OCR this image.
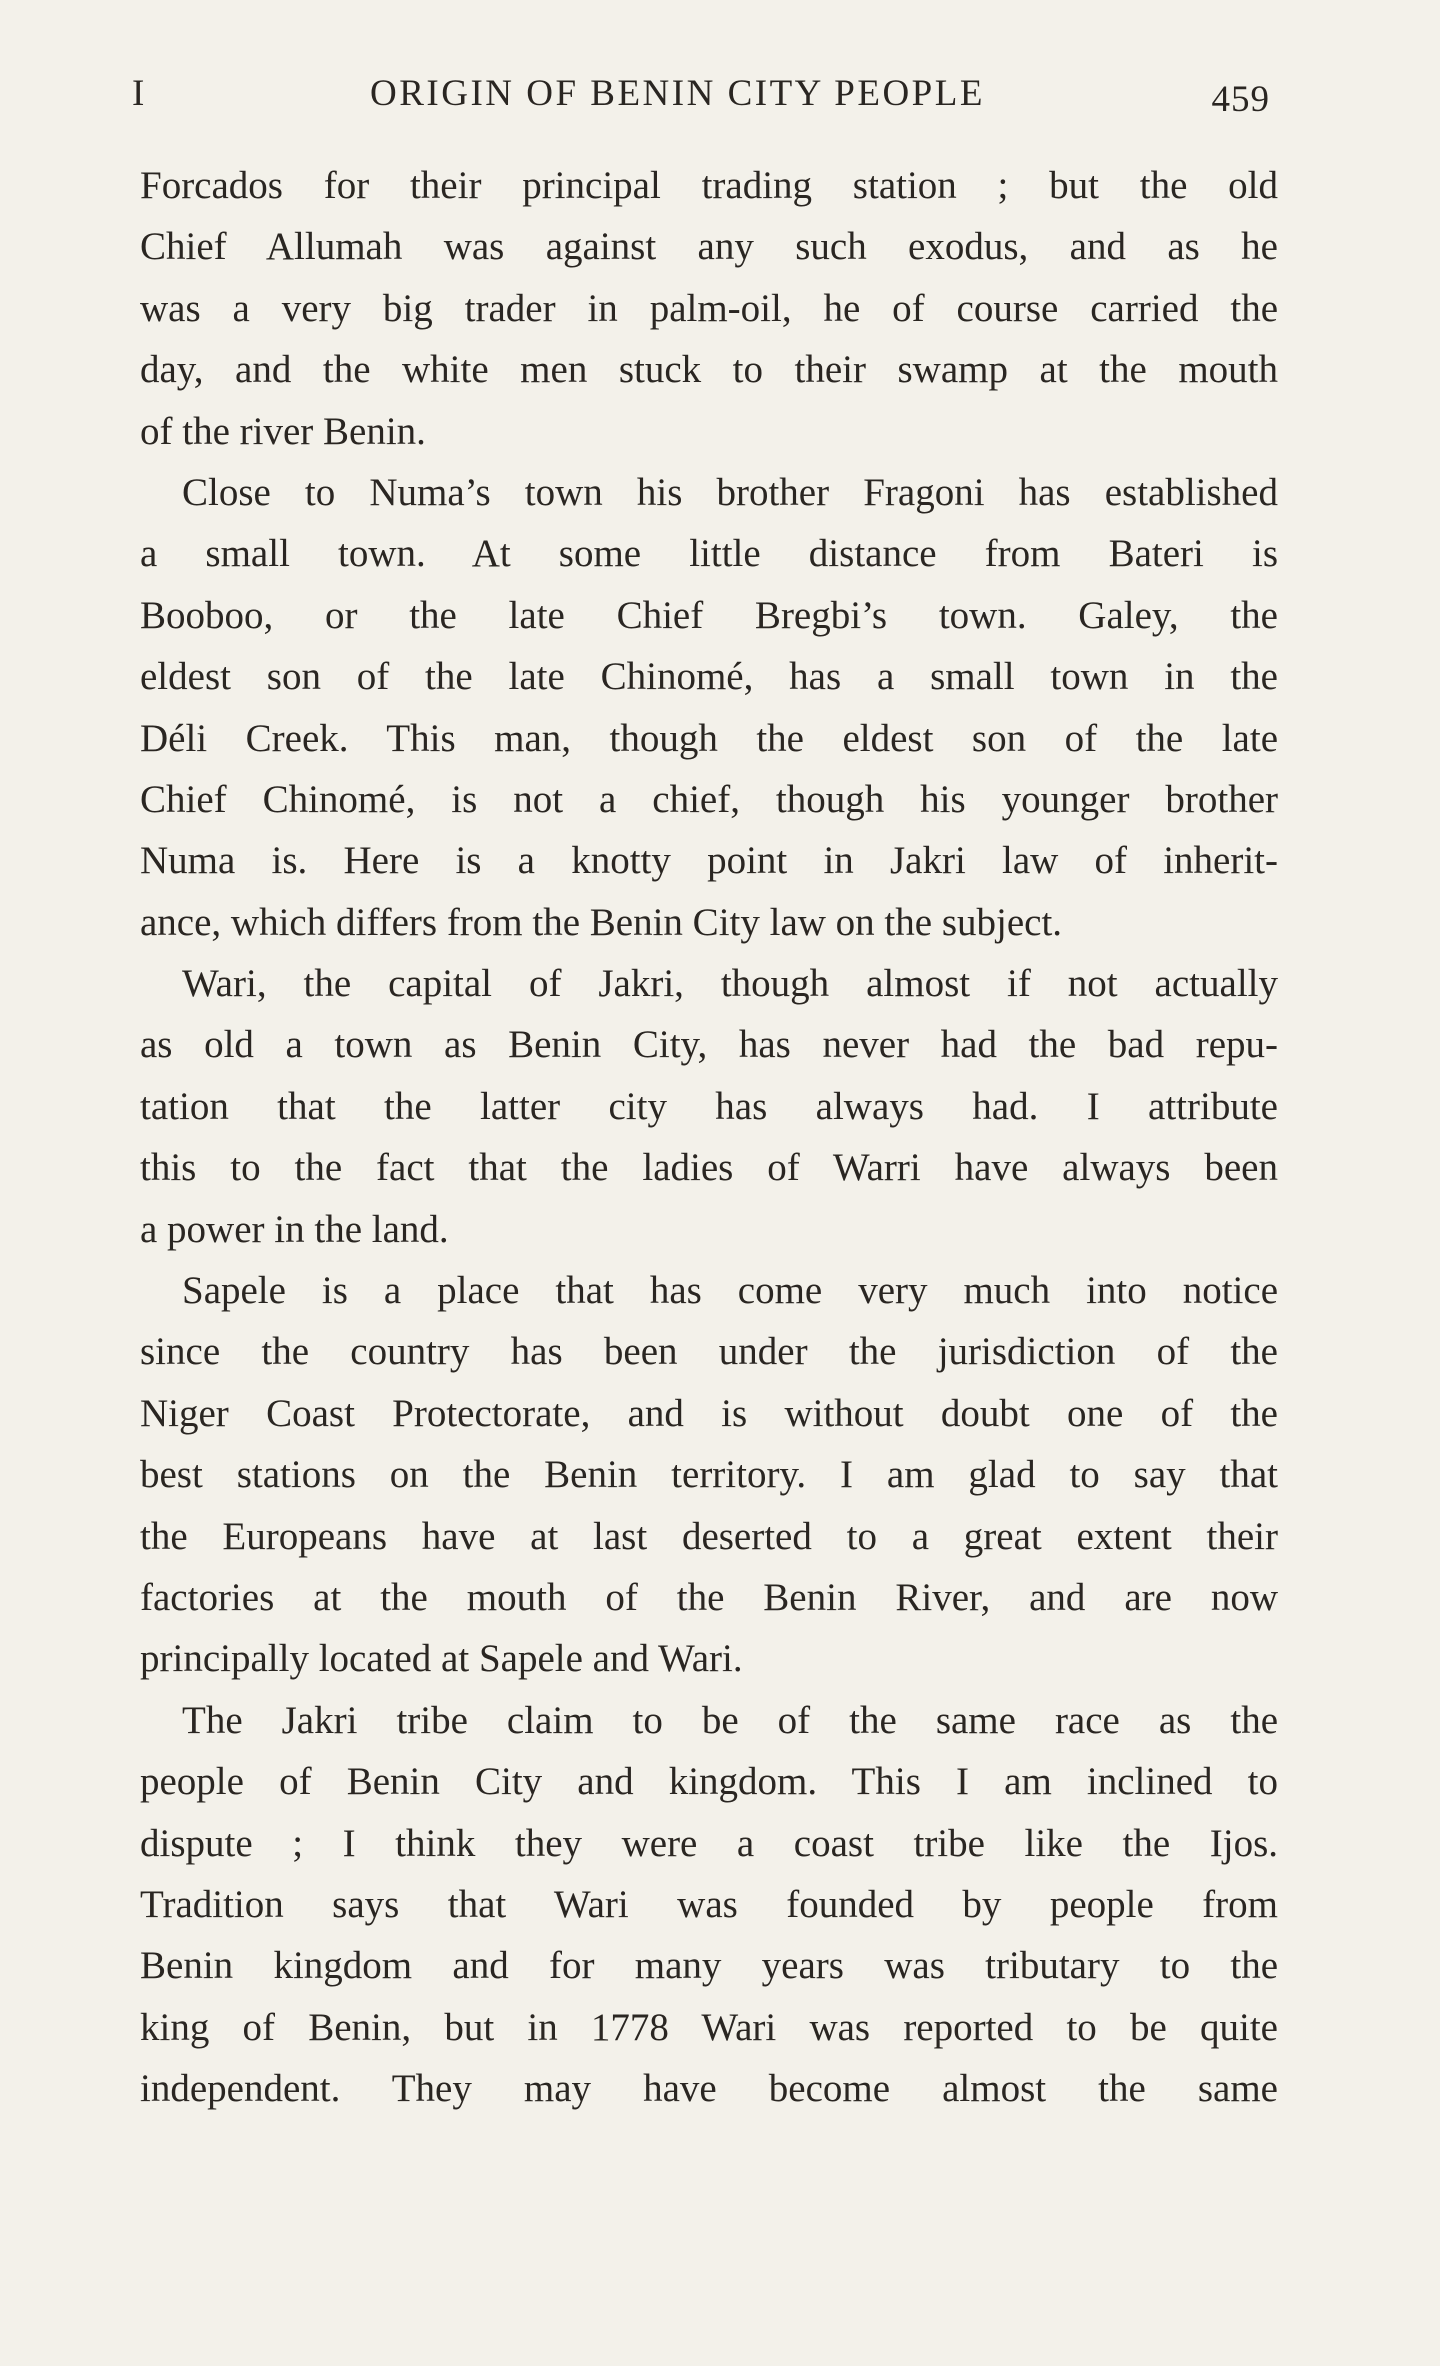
I	ORIGIN OF BENIN CITY PEOPLE	459
Forcados for their principal trading station ; but the old
Chief Allumah was against any such exodus, and as he
was a very big trader in palm-oil, he of course carried the
day, and the white men stuck to their swamp at the mouth
of the river Benin.
Close to Numa’s town his brother Fragoni has established
a small town. At some little distance from Bateri is
Booboo, or the late Chief Bregbi’s town. Galey, the
eldest son of the late Chinomé, has a small town in the
Déli Creek. This man, though the eldest son of the late
Chief Chinomé, is not a chief, though his younger brother
Numa is. Here is a knotty point in Jakri law of inherit-
ance, which differs from the Benin City law on the subject.
Wari, the capital of Jakri, though almost if not actually
as old a town as Benin City, has never had the bad repu-
tation that the latter city has always had. I attribute
this to the fact that the ladies of Warri have always been
a power in the land.
Sapele is a place that has come very much into notice
since the country has been under the jurisdiction of the
Niger Coast Protectorate, and is without doubt one of the
best stations on the Benin territory. I am glad to say that
the Europeans have at last deserted to a great extent their
factories at the mouth of the Benin River, and are now
principally located at Sapele and Wari.
The Jakri tribe claim to be of the same race as the
people of Benin City and kingdom. This I am inclined to
dispute ; I think they were a coast tribe like the Ijos.
Tradition says that Wari was founded by people from
Benin kingdom and for many years was tributary to the
king of Benin, but in 1778 Wari was reported to be quite
independent. They may have become almost the same
